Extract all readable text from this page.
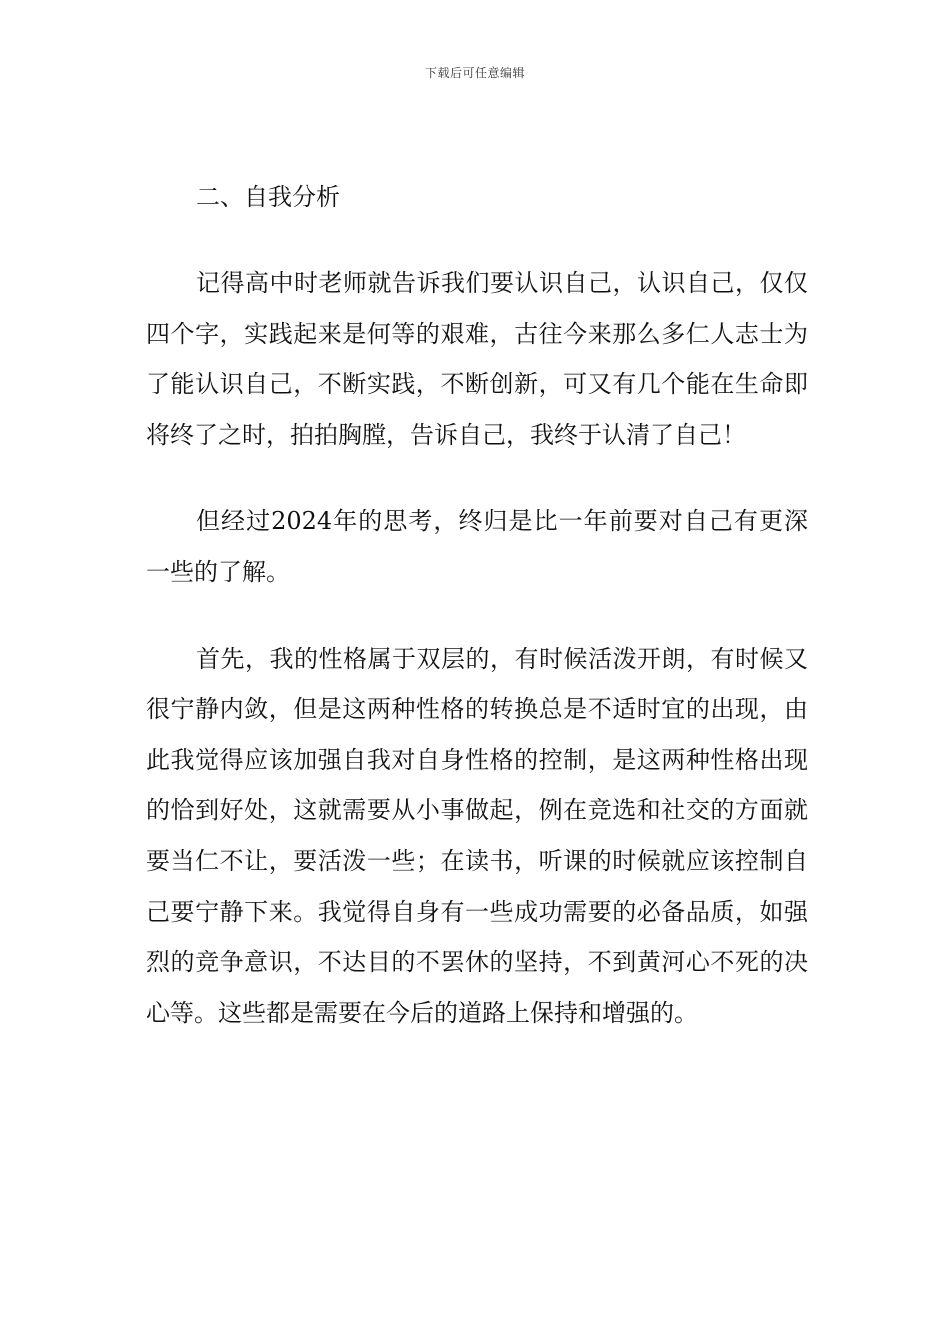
下载后可任意编辑
二、自我分析

记得高中时老师就告诉我们要认识自己，认识自己，仅仅四个字，实践起来是何等的艰难，古往今来那么多仁人志士为了能认识自己，不断实践，不断创新，可又有几个能在生命即将终了之时，拍拍胸膛，告诉自己，我终于认清了自己！

但经过2024年的思考，终归是比一年前要对自己有更深一些的了解。

首先，我的性格属于双层的，有时候活泼开朗，有时候又很宁静内敛，但是这两种性格的转换总是不适时宜的出现，由此我觉得应该加强自我对自身性格的控制，是这两种性格出现的恰到好处，这就需要从小事做起，例在竞选和社交的方面就要当仁不让，要活泼一些；在读书，听课的时候就应该控制自己要宁静下来。我觉得自身有一些成功需要的必备品质，如强烈的竞争意识，不达目的不罢休的坚持，不到黄河心不死的决心等。这些都是需要在今后的道路上保持和增强的。
